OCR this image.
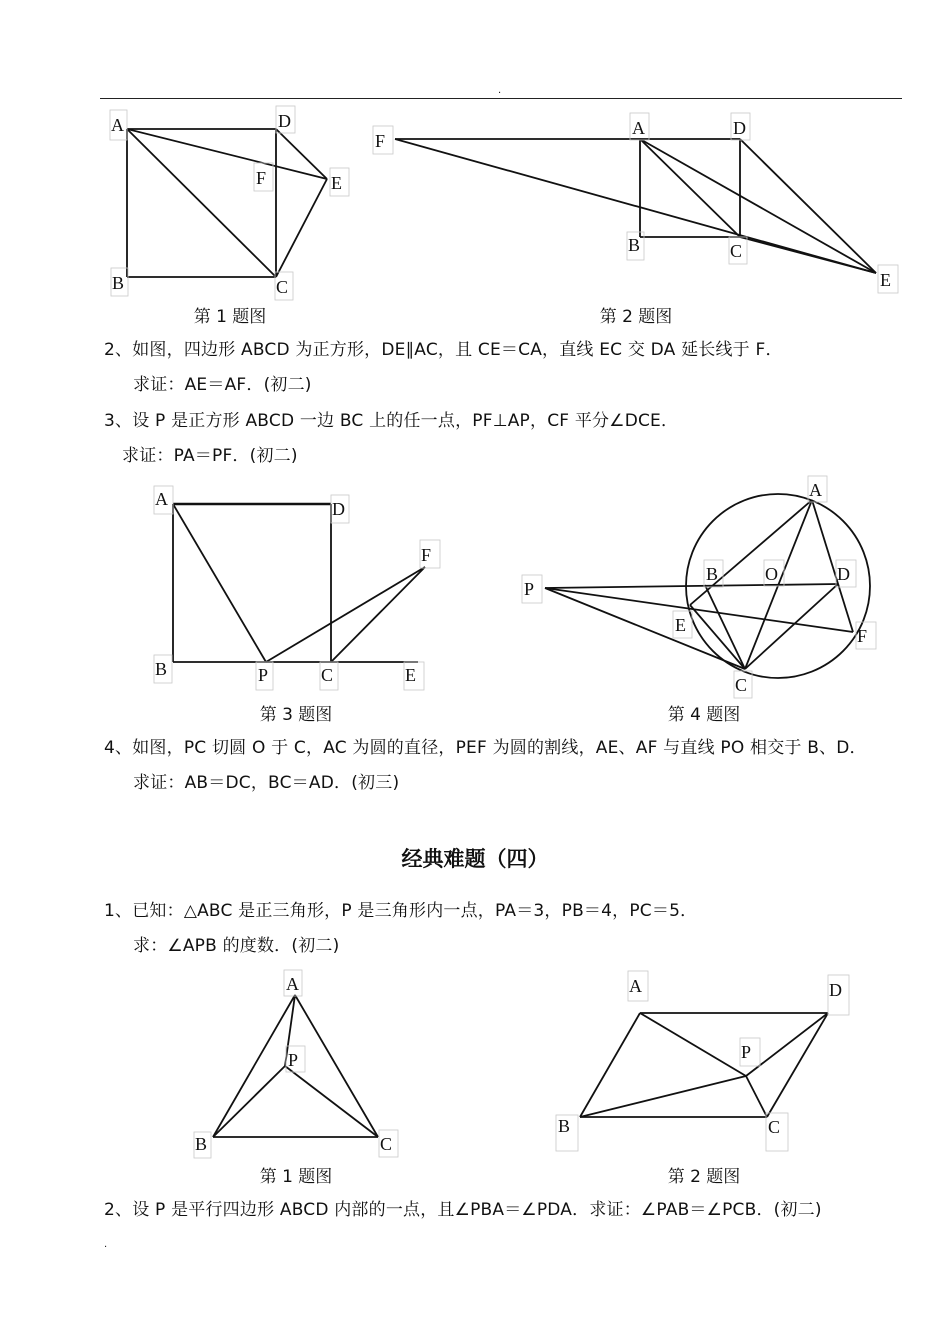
.
A	D
F	E
B	C
F
A	D
B	C
E
第 1 题图	第 2 题图
2、如图，四边形 ABCD 为正方形，DE∥AC，且 CE＝CA，直线 EC 交 DA 延长线于 F．
求证：AE＝AF．(初二)
3、设 P 是正方形 ABCD 一边 BC 上的任一点，PF⊥AP，CF 平分∠DCE．
求证：PA＝PF．(初二)
A	D
F
B	P	C	E
A
P
B	O	D
E
F
C
第 3 题图	第 4 题图
4、如图，PC 切圆 O 于 C，AC 为圆的直径，PEF 为圆的割线，AE、AF 与直线 PO 相交于 B、D．
求证：AB＝DC，BC＝AD．(初三)
经典难题（四）
1、已知：△ABC 是正三角形，P 是三角形内一点，PA＝3，PB＝4，PC＝5．
求：∠APB 的度数．(初二)
A
P
B	C
A	D
P
B	C
第 1 题图	第 2 题图
2、设 P 是平行四边形 ABCD 内部的一点，且∠PBA＝∠PDA．求证：∠PAB＝∠PCB．(初二)
.
